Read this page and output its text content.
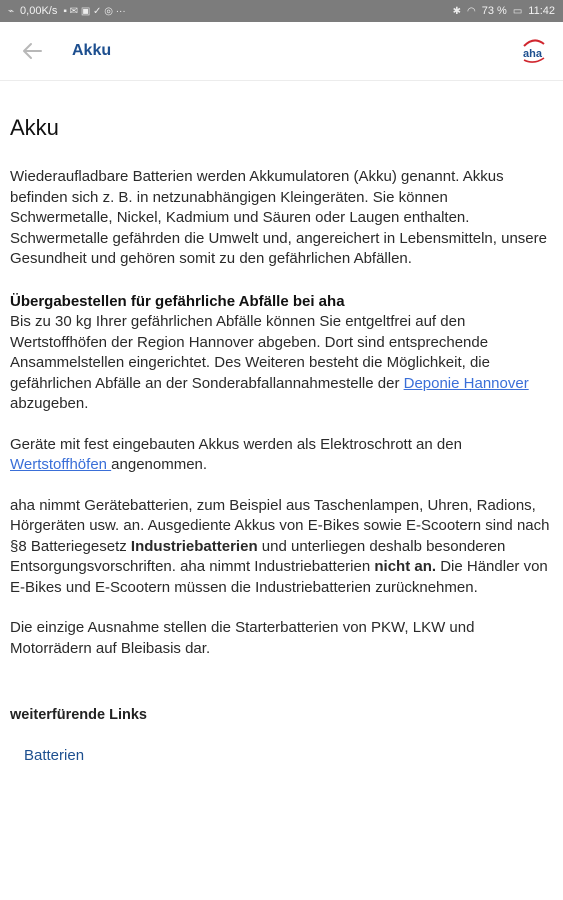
⌁ 0,00K/s ▪ ✉ ▣ ✓ ◎ ···	✱ ◠ 73 % ▭ 11:42
Akku	aha
Akku

Wiederaufladbare Batterien werden Akkumulatoren (Akku) genannt. Akkus befinden sich z. B. in netzunabhängigen Kleingeräten. Sie können Schwermetalle, Nickel, Kadmium und Säuren oder Laugen enthalten. Schwermetalle gefährden die Umwelt und, angereichert in Lebensmitteln, unsere Gesundheit und gehören somit zu den gefährlichen Abfällen.

Übergabestellen für gefährliche Abfälle bei aha

Bis zu 30 kg Ihrer gefährlichen Abfälle können Sie entgeltfrei auf den Wertstoffhöfen der Region Hannover abgeben. Dort sind entsprechende Ansammelstellen eingerichtet. Des Weiteren besteht die Möglichkeit, die gefährlichen Abfälle an der Sonderabfallannahmestelle der Deponie Hannover abzugeben.

Geräte mit fest eingebauten Akkus werden als Elektroschrott an den Wertstoffhöfen angenommen.

aha nimmt Gerätebatterien, zum Beispiel aus Taschenlampen, Uhren, Radions, Hörgeräten usw. an. Ausgediente Akkus von E-Bikes sowie E-Scootern sind nach §8 Batteriegesetz Industriebatterien und unterliegen deshalb besonderen Entsorgungsvorschriften. aha nimmt Industriebatterien nicht an. Die Händler von E-Bikes und E-Scootern müssen die Industriebatterien zurücknehmen.

Die einzige Ausnahme stellen die Starterbatterien von PKW, LKW und Motorrädern auf Bleibasis dar.

weiterfürende Links
Batterien
